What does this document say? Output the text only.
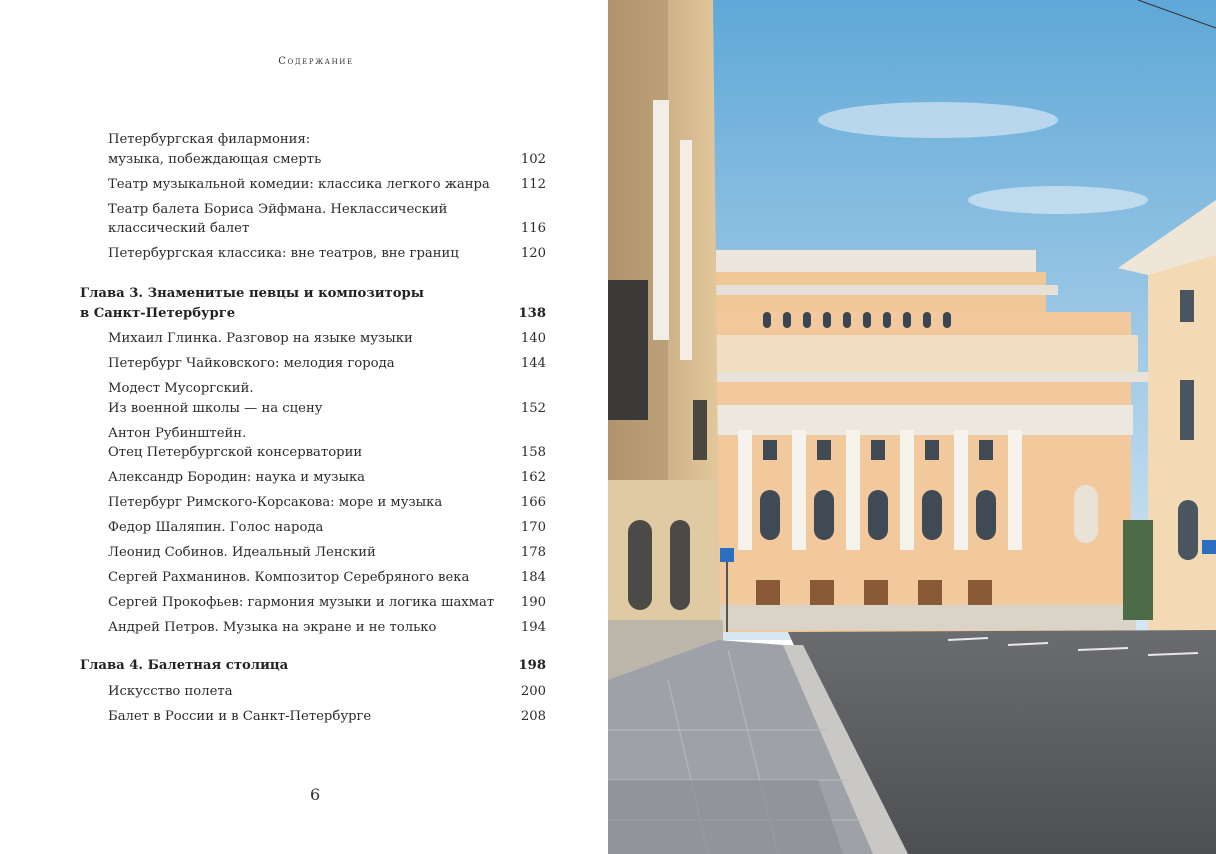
Содержание
Петербургская филармония:
музыка, побеждающая смерть	102
Театр музыкальной комедии: классика легкого жанра	112
Театр балета Бориса Эйфмана. Неклассический
классический балет	116
Петербургская классика: вне театров, вне границ	120
Глава 3. Знаменитые певцы и композиторы
в Санкт-Петербурге	138
Михаил Глинка. Разговор на языке музыки	140
Петербург Чайковского: мелодия города	144
Модест Мусоргский.
Из военной школы — на сцену	152
Антон Рубинштейн.
Отец Петербургской консерватории	158
Александр Бородин: наука и музыка	162
Петербург Римского-Корсакова: море и музыка	166
Федор Шаляпин. Голос народа	170
Леонид Собинов. Идеальный Ленский	178
Сергей Рахманинов. Композитор Серебряного века	184
Сергей Прокофьев: гармония музыки и логика шахмат	190
Андрей Петров. Музыка на экране и не только	194
Глава 4. Балетная столица	198
Искусство полета	200
Балет в России и в Санкт-Петербурге	208
6
